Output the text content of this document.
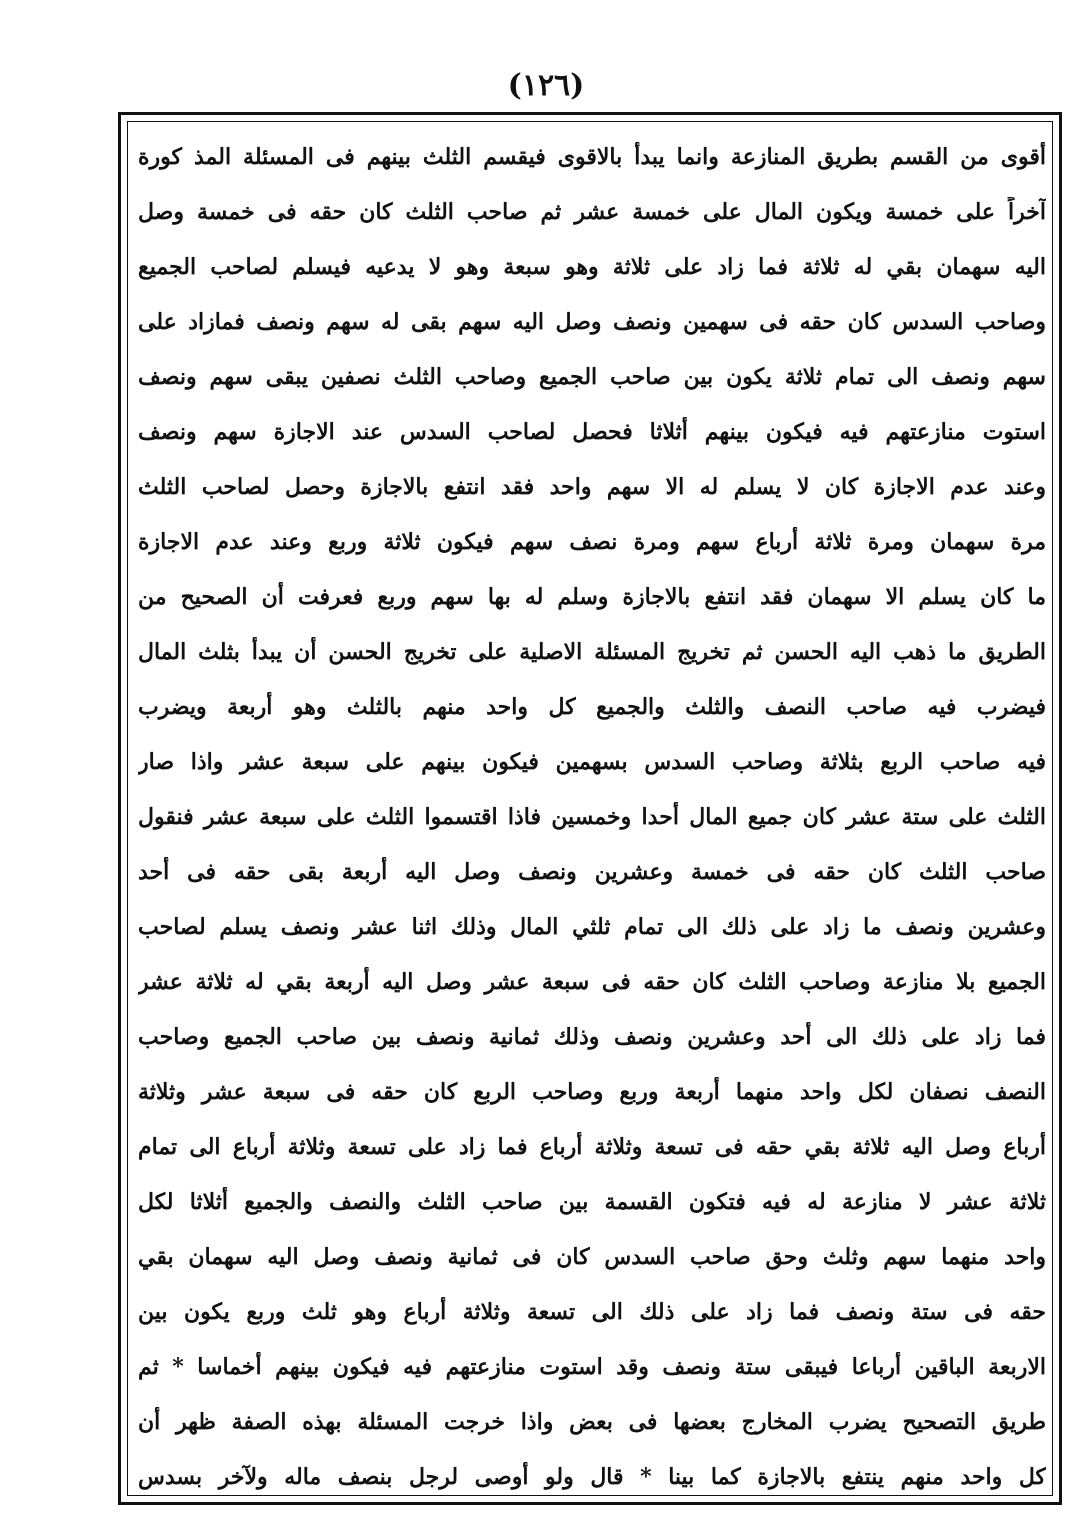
(١٢٦)
أقوى من القسم بطريق المنازعة وانما يبدأ بالاقوى فيقسم الثلث بينهم فى المسئلة المذ كورة
آخراً على خمسة ويكون المال على خمسة عشر ثم صاحب الثلث كان حقه فى خمسة وصل
اليه سهمان بقي له ثلاثة فما زاد على ثلاثة وهو سبعة وهو لا يدعيه فيسلم لصاحب الجميع
وصاحب السدس كان حقه فى سهمين ونصف وصل اليه سهم بقى له سهم ونصف فمازاد على
سهم ونصف الى تمام ثلاثة يكون بين صاحب الجميع وصاحب الثلث نصفين يبقى سهم ونصف
استوت منازعتهم فيه فيكون بينهم أثلاثا فحصل لصاحب السدس عند الاجازة سهم ونصف
وعند عدم الاجازة كان لا يسلم له الا سهم واحد فقد انتفع بالاجازة وحصل لصاحب الثلث
مرة سهمان ومرة ثلاثة أرباع سهم ومرة نصف سهم فيكون ثلاثة وربع وعند عدم الاجازة
ما كان يسلم الا سهمان فقد انتفع بالاجازة وسلم له بها سهم وربع فعرفت أن الصحيح من
الطريق ما ذهب اليه الحسن ثم تخريج المسئلة الاصلية على تخريج الحسن أن يبدأ بثلث المال
فيضرب فيه صاحب النصف والثلث والجميع كل واحد منهم بالثلث وهو أربعة ويضرب
فيه صاحب الربع بثلاثة وصاحب السدس بسهمين فيكون بينهم على سبعة عشر واذا صار
الثلث على ستة عشر كان جميع المال أحدا وخمسين فاذا اقتسموا الثلث على سبعة عشر فنقول
صاحب الثلث كان حقه فى خمسة وعشرين ونصف وصل اليه أربعة بقى حقه فى أحد
وعشرين ونصف ما زاد على ذلك الى تمام ثلثي المال وذلك اثنا عشر ونصف يسلم لصاحب
الجميع بلا منازعة وصاحب الثلث كان حقه فى سبعة عشر وصل اليه أربعة بقي له ثلاثة عشر
فما زاد على ذلك الى أحد وعشرين ونصف وذلك ثمانية ونصف بين صاحب الجميع وصاحب
النصف نصفان لكل واحد منهما أربعة وربع وصاحب الربع كان حقه فى سبعة عشر وثلاثة
أرباع وصل اليه ثلاثة بقي حقه فى تسعة وثلاثة أرباع فما زاد على تسعة وثلاثة أرباع الى تمام
ثلاثة عشر لا منازعة له فيه فتكون القسمة بين صاحب الثلث والنصف والجميع أثلاثا لكل
واحد منهما سهم وثلث وحق صاحب السدس كان فى ثمانية ونصف وصل اليه سهمان بقي
حقه فى ستة ونصف فما زاد على ذلك الى تسعة وثلاثة أرباع وهو ثلث وربع يكون بين
الاربعة الباقين أرباعا فيبقى ستة ونصف وقد استوت منازعتهم فيه فيكون بينهم أخماسا * ثم
طريق التصحيح يضرب المخارج بعضها فى بعض واذا خرجت المسئلة بهذه الصفة ظهر أن
كل واحد منهم ينتفع بالاجازة كما بينا * قال ولو أوصى لرجل بنصف ماله ولآخر بسدس
